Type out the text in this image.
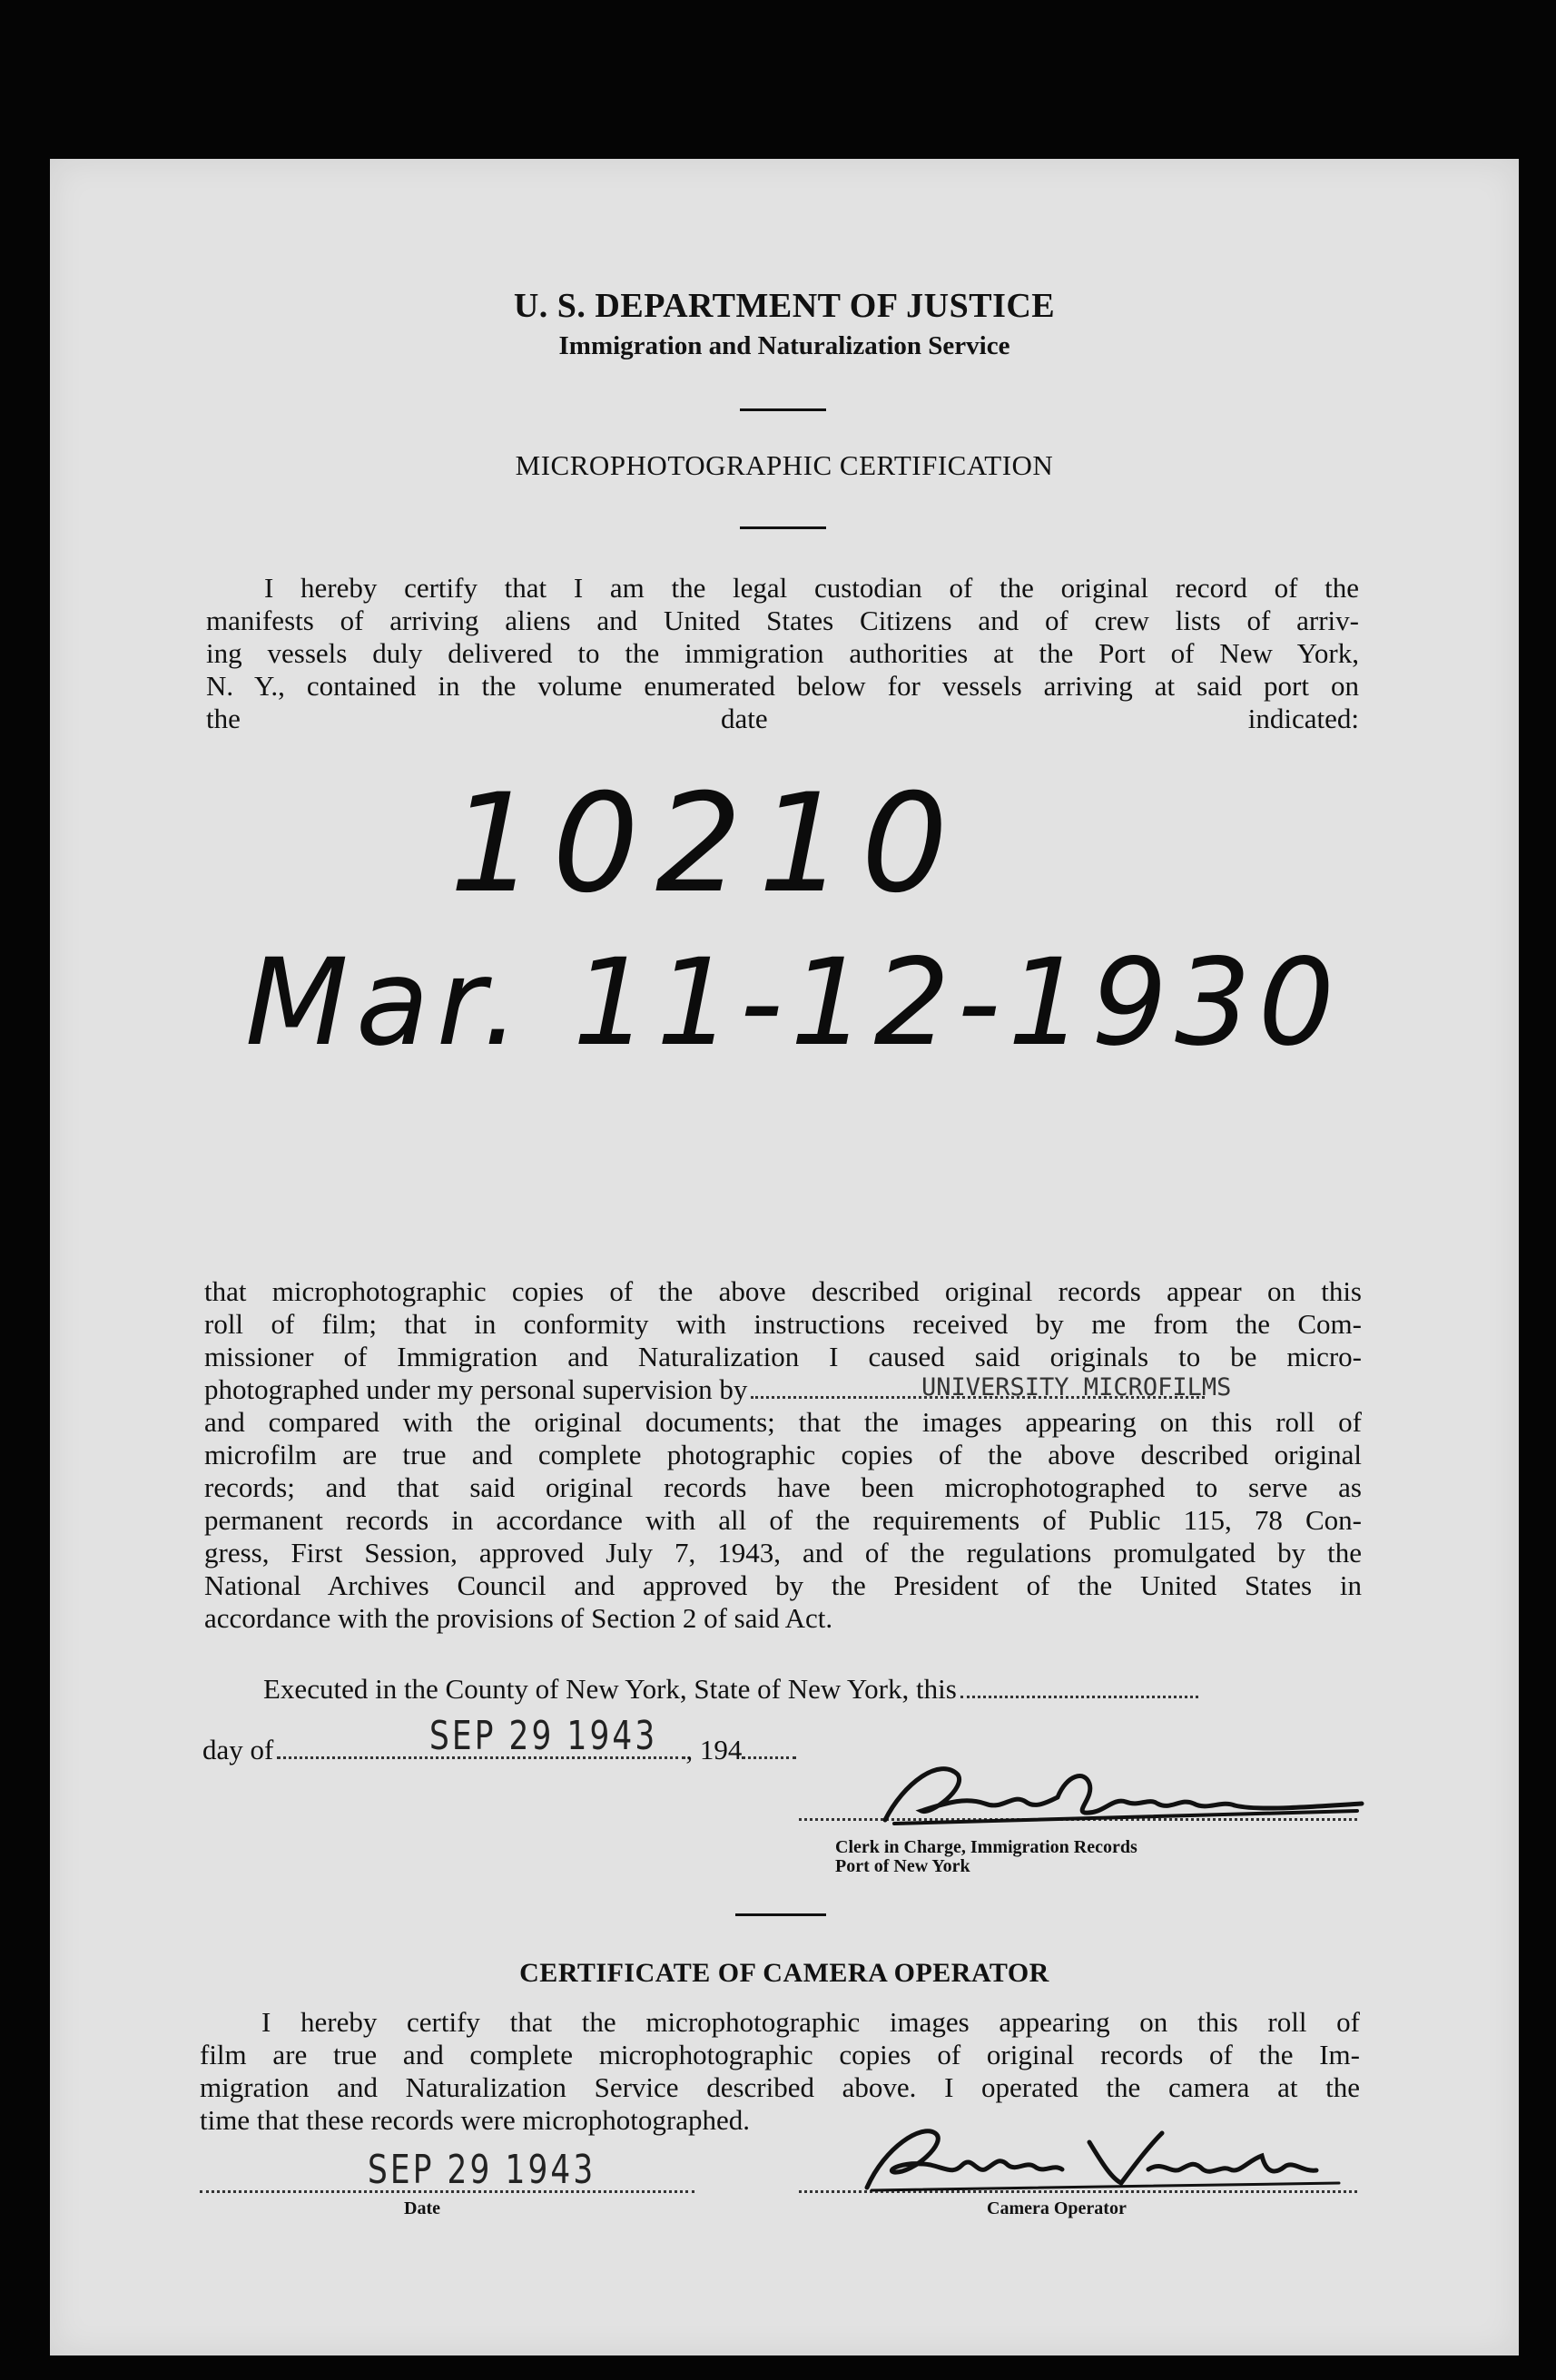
U. S. DEPARTMENT OF JUSTICE
Immigration and Naturalization Service
MICROPHOTOGRAPHIC CERTIFICATION
I hereby certify that I am the legal custodian of the original record of the
manifests of arriving aliens and United States Citizens and of crew lists of arriv-
ing vessels duly delivered to the immigration authorities at the Port of New York,
N. Y., contained in the volume enumerated below for vessels arriving at said port on
the date indicated:
10210
Mar. 11-12-1930
that microphotographic copies of the above described original records appear on this
roll of film; that in conformity with instructions received by me from the Com-
missioner of Immigration and Naturalization I caused said originals to be micro-
photographed under my personal supervision by
and compared with the original documents; that the images appearing on this roll of
microfilm are true and complete photographic copies of the above described original
records; and that said original records have been microphotographed to serve as
permanent records in accordance with all of the requirements of Public 115, 78 Con-
gress, First Session, approved July 7, 1943, and of the regulations promulgated by the
National Archives Council and approved by the President of the United States in
accordance with the provisions of Section 2 of said Act.
UNIVERSITY MICROFILMS
Executed in the County of New York, State of New York, this
day of	, 194
SEP 29 1943
Clerk in Charge, Immigration Records
Port of New York
CERTIFICATE OF CAMERA OPERATOR
I hereby certify that the microphotographic images appearing on this roll of
film are true and complete microphotographic copies of original records of the Im-
migration and Naturalization Service described above. I operated the camera at the
time that these records were microphotographed.
SEP 29 1943
Date	Camera Operator
